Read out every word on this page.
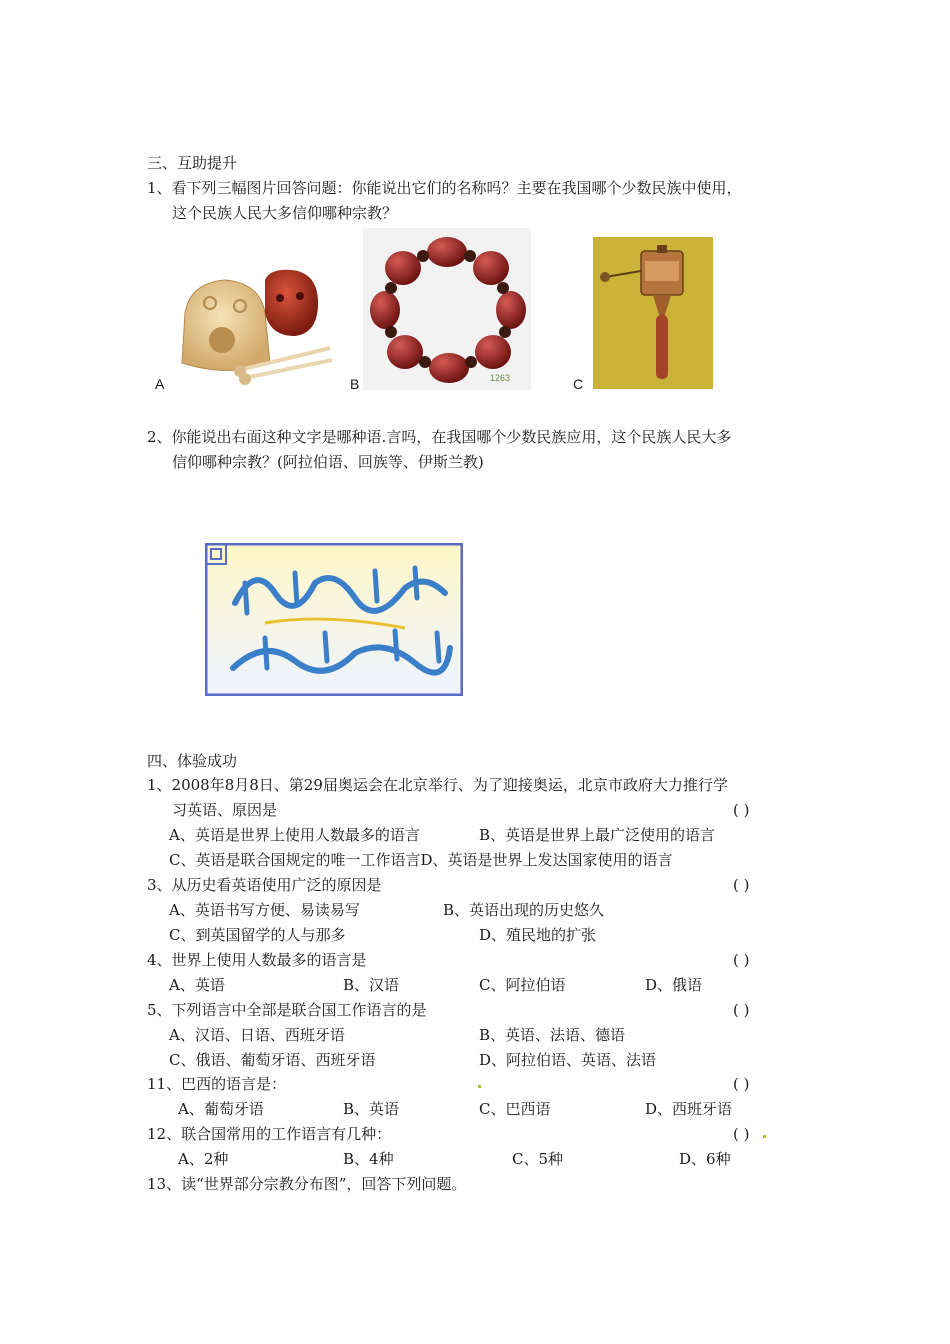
三、互助提升
1、看下列三幅图片回答问题：你能说出它们的名称吗？主要在我国哪个少数民族中使用，
这个民族人民大多信仰哪种宗教？
A	1263
B	C
2、你能说出右面这种文字是哪种语.言吗，在我国哪个少数民族应用，这个民族人民大多
信仰哪种宗教？(阿拉伯语、回族等、伊斯兰教)
四、体验成功
1、2008年8月8日、第29届奥运会在北京举行、为了迎接奥运，北京市政府大力推行学
习英语、原因是	( )
A、英语是世界上使用人数最多的语言	B、英语是世界上最广泛使用的语言
C、英语是联合国规定的唯一工作语言D、英语是世界上发达国家使用的语言
3、从历史看英语使用广泛的原因是	( )
A、英语书写方便、易读易写	B、英语出现的历史悠久
C、到英国留学的人与那多	D、殖民地的扩张
4、世界上使用人数最多的语言是	( )
A、英语	B、汉语	C、阿拉伯语	D、俄语
5、下列语言中全部是联合国工作语言的是	( )
A、汉语、日语、西班牙语	B、英语、法语、德语
C、俄语、葡萄牙语、西班牙语	D、阿拉伯语、英语、法语
11、巴西的语言是：	( )
A、葡萄牙语	B、英语	C、巴西语	D、西班牙语
12、联合国常用的工作语言有几种：	( )
A、2种	B、4种	C、5种	D、6种
13、读“世界部分宗教分布图”，回答下列问题。
